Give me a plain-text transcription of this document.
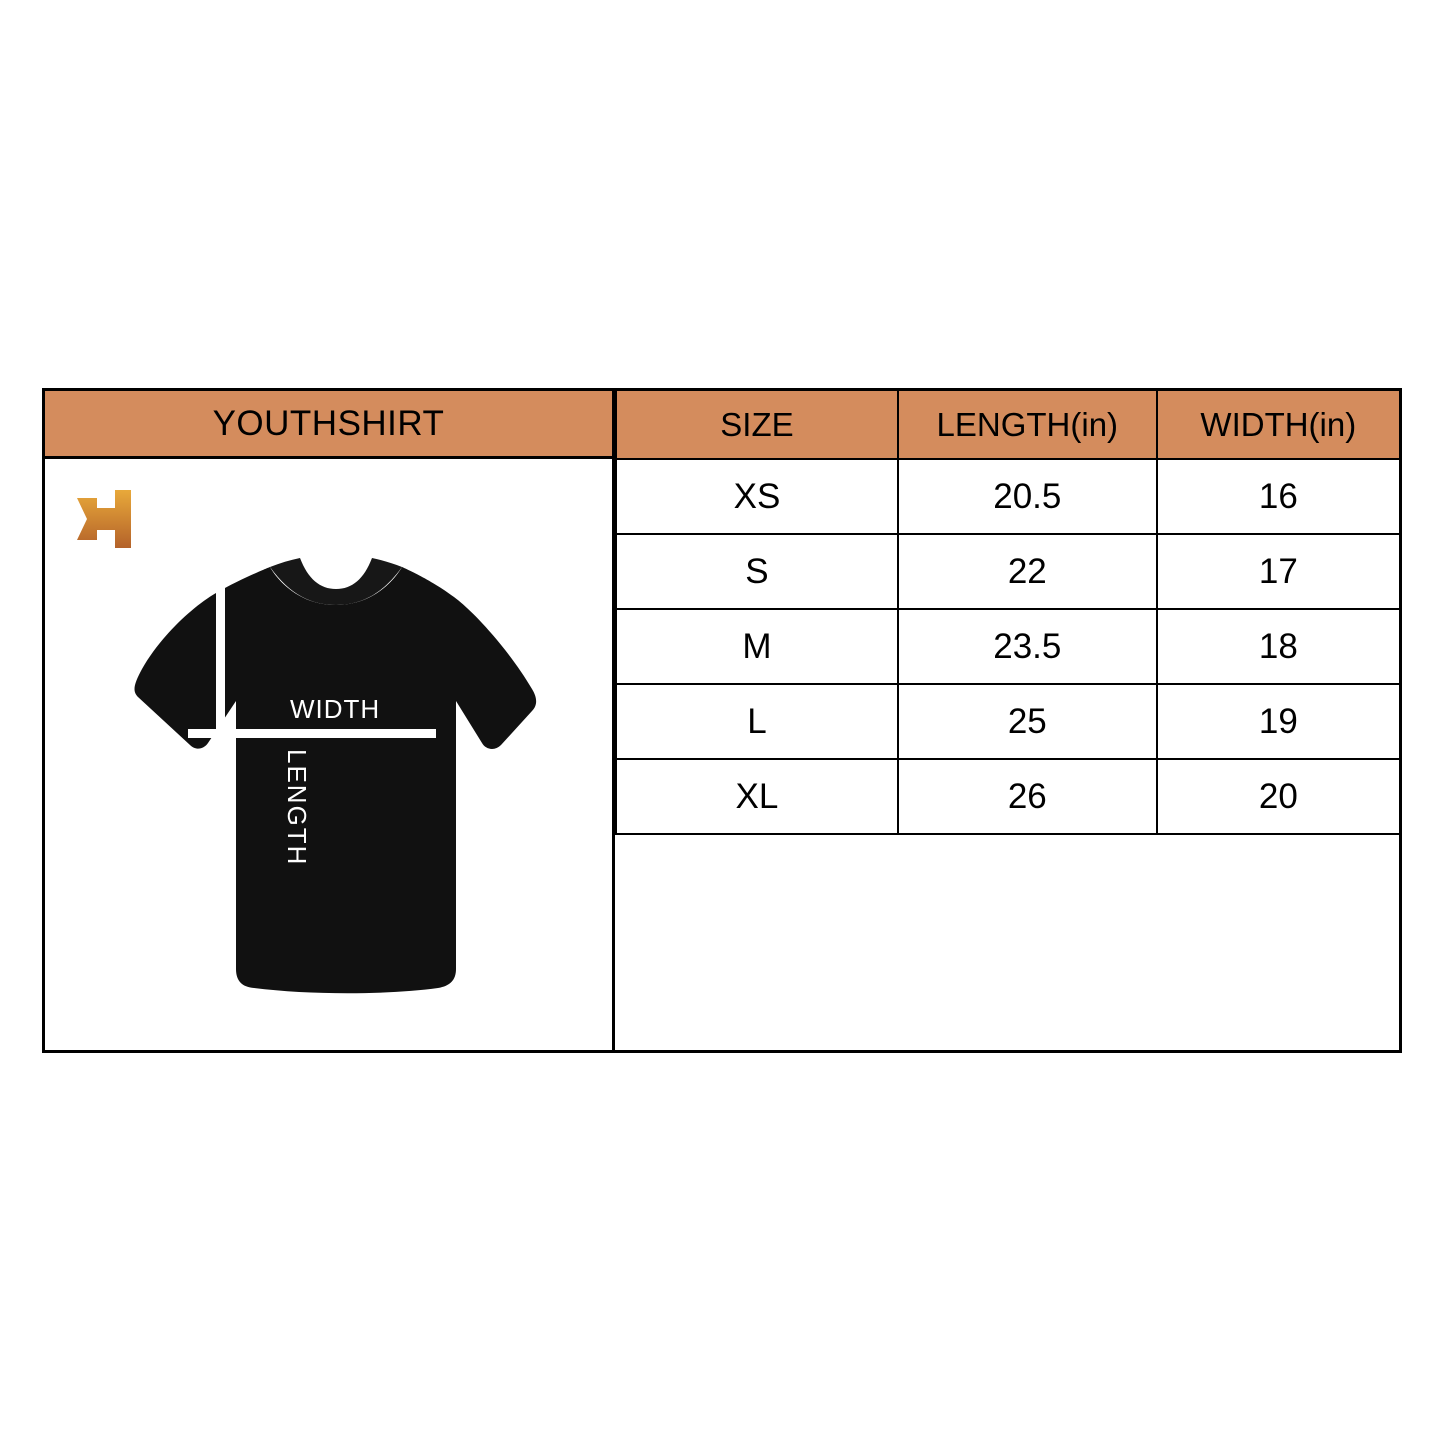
YOUTHSHIRT
WIDTH
LENGTH
SIZE	LENGTH(in)	WIDTH(in)
XS	20.5	16
S	22	17
M	23.5	18
L	25	19
XL	26	20
